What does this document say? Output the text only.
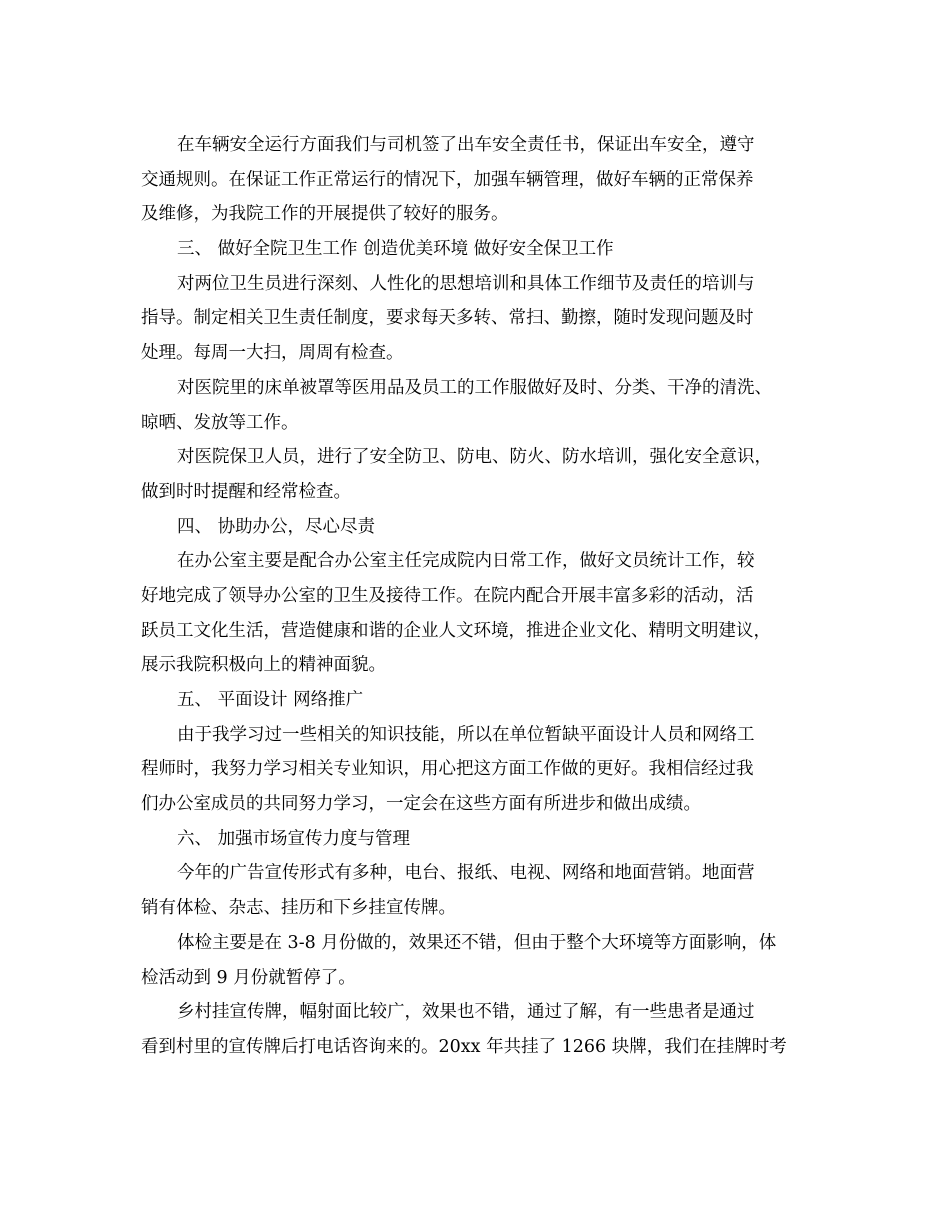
在车辆安全运行方面我们与司机签了出车安全责任书，保证出车安全，遵守
交通规则。在保证工作正常运行的情况下，加强车辆管理，做好车辆的正常保养
及维修，为我院工作的开展提供了较好的服务。
三、 做好全院卫生工作 创造优美环境 做好安全保卫工作
对两位卫生员进行深刻、人性化的思想培训和具体工作细节及责任的培训与
指导。制定相关卫生责任制度，要求每天多转、常扫、勤擦，随时发现问题及时
处理。每周一大扫，周周有检查。
对医院里的床单被罩等医用品及员工的工作服做好及时、分类、干净的清洗、
晾晒、发放等工作。
对医院保卫人员，进行了安全防卫、防电、防火、防水培训，强化安全意识，
做到时时提醒和经常检查。
四、 协助办公，尽心尽责
在办公室主要是配合办公室主任完成院内日常工作，做好文员统计工作，较
好地完成了领导办公室的卫生及接待工作。在院内配合开展丰富多彩的活动，活
跃员工文化生活，营造健康和谐的企业人文环境，推进企业文化、精明文明建议，
展示我院积极向上的精神面貌。
五、 平面设计 网络推广
由于我学习过一些相关的知识技能，所以在单位暂缺平面设计人员和网络工
程师时，我努力学习相关专业知识，用心把这方面工作做的更好。我相信经过我
们办公室成员的共同努力学习，一定会在这些方面有所进步和做出成绩。
六、 加强市场宣传力度与管理
今年的广告宣传形式有多种，电台、报纸、电视、网络和地面营销。地面营
销有体检、杂志、挂历和下乡挂宣传牌。
体检主要是在 3-8 月份做的，效果还不错，但由于整个大环境等方面影响，体
检活动到 9 月份就暂停了。
乡村挂宣传牌，幅射面比较广，效果也不错，通过了解，有一些患者是通过
看到村里的宣传牌后打电话咨询来的。20xx 年共挂了 1266 块牌，我们在挂牌时考
